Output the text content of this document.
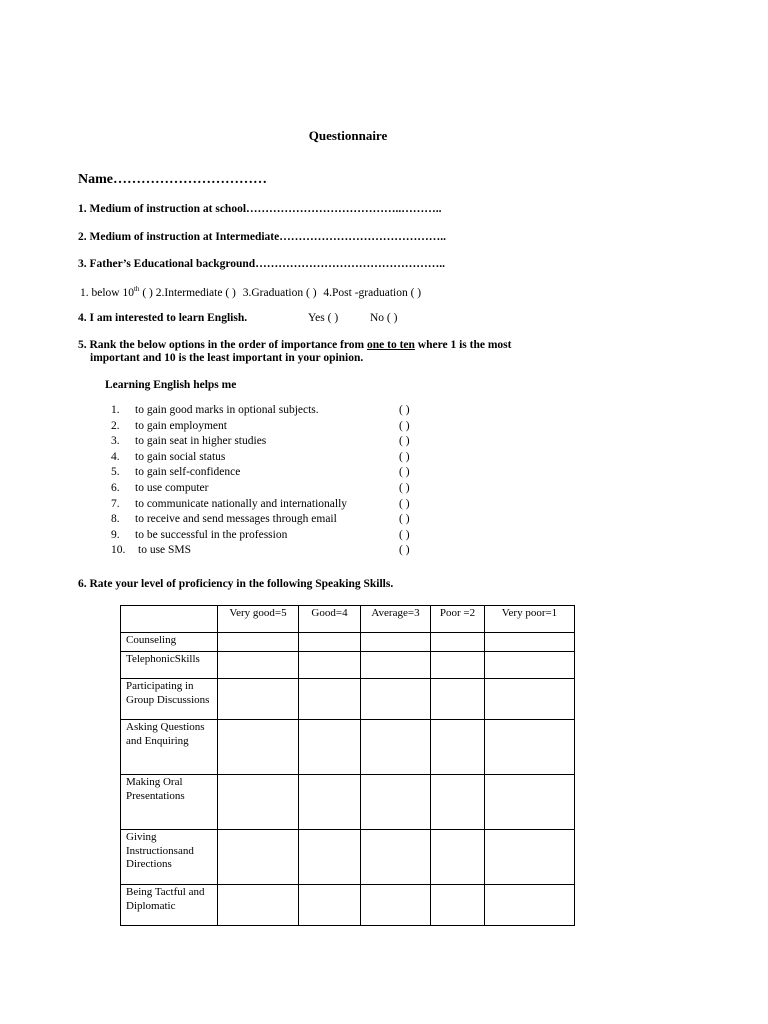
Questionnaire
Name……………………………
1. Medium of instruction at school…………………………………..………..
2. Medium of instruction at Intermediate……………………………………..
3. Father’s Educational background…………………………………………..
1. below 10th ( ) 2.Intermediate ( ) 3.Graduation ( ) 4.Post -graduation ( )
4. I am interested to learn English.	Yes ( )	No ( )
5. Rank the below options in the order of importance from one to ten where 1 is the most
important and 10 is the least important in your opinion.
Learning English helps me
1.	to gain good marks in optional subjects.	( )
2.	to gain employment	( )
3.	to gain seat in higher studies	( )
4.	to gain social status	( )
5.	to gain self-confidence	( )
6.	to use computer	( )
7.	to communicate nationally and internationally	( )
8.	to receive and send messages through email	( )
9.	to be successful in the profession	( )
10.	to use SMS	( )
6. Rate your level of proficiency in the following Speaking Skills.
	Very good=5	Good=4	Average=3	Poor =2	Very poor=1
Counseling					
TelephonicSkills					
Participating in Group Discussions					
Asking Questions and Enquiring					
Making Oral Presentations					
Giving Instructionsand Directions					
Being Tactful and Diplomatic					
